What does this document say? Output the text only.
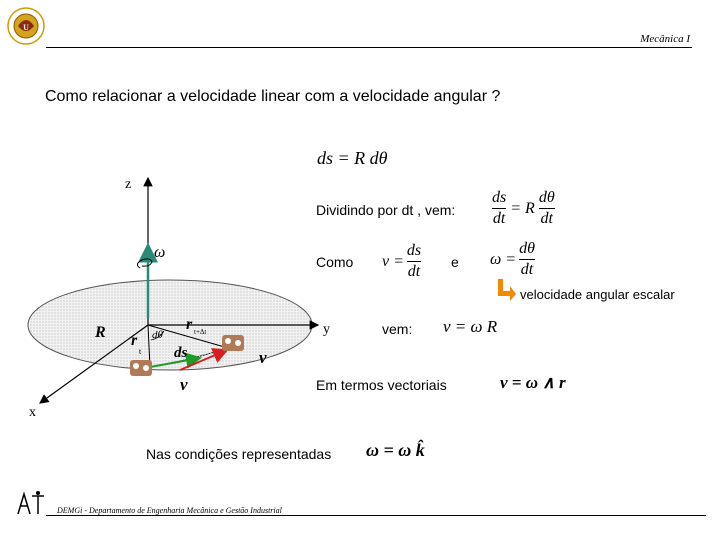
U
Mecânica I
Como relacionar a velocidade linear com a velocidade angular ?
z
y
x
ω
R r
t
r t+Δt
dθ
ds	v
v
ds = R dθ
Dividindo por dt , vem: $\frac{ds}{dt} = R \frac{d\theta}{dt}$
Como $v = \frac{ds}{dt}$ e $\omega = \frac{d\theta}{dt}$
velocidade angular escalar
vem: v = ω R
Em termos vectoriais	v = ω ∧ r
Nas condições representadas ω = ω k̂
DEMGi - Departamento de Engenharia Mecânica e Gestão Industrial
